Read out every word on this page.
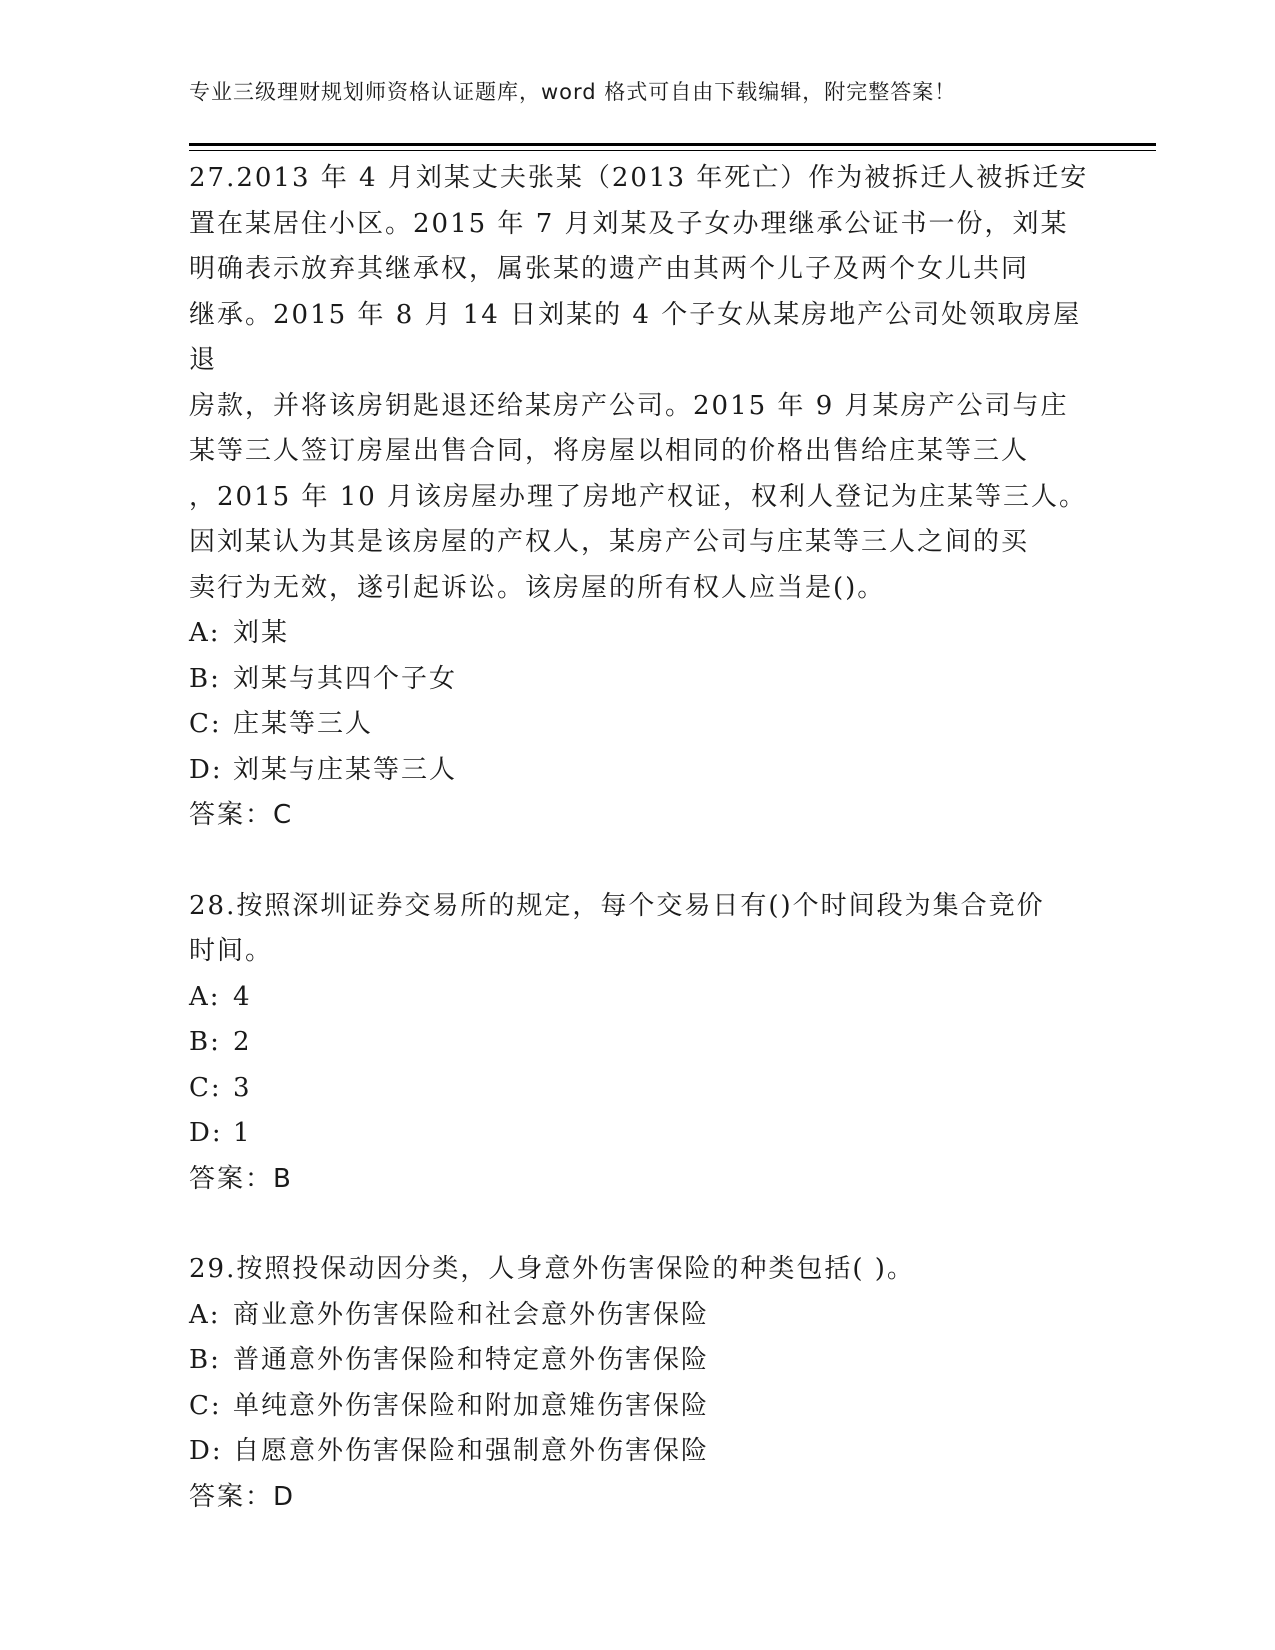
专业三级理财规划师资格认证题库，word 格式可自由下载编辑，附完整答案！

27.2013 年 4 月刘某丈夫张某（2013 年死亡）作为被拆迁人被拆迁安

置在某居住小区。2015 年 7 月刘某及子女办理继承公证书一份，刘某

明确表示放弃其继承权，属张某的遗产由其两个儿子及两个女儿共同

继承。2015 年 8 月 14 日刘某的 4 个子女从某房地产公司处领取房屋退

房款，并将该房钥匙退还给某房产公司。2015 年 9 月某房产公司与庄

某等三人签订房屋出售合同，将房屋以相同的价格出售给庄某等三人

，2015 年 10 月该房屋办理了房地产权证，权利人登记为庄某等三人。

因刘某认为其是该房屋的产权人，某房产公司与庄某等三人之间的买

卖行为无效，遂引起诉讼。该房屋的所有权人应当是()。

A: 刘某

B: 刘某与其四个子女

C: 庄某等三人

D: 刘某与庄某等三人

答案：C

28.按照深圳证券交易所的规定，每个交易日有()个时间段为集合竞价

时间。

A: 4

B: 2

C: 3

D: 1

答案：B

29.按照投保动因分类，人身意外伤害保险的种类包括( )。

A: 商业意外伤害保险和社会意外伤害保险

B: 普通意外伤害保险和特定意外伤害保险

C: 单纯意外伤害保险和附加意雉伤害保险

D: 自愿意外伤害保险和强制意外伤害保险

答案：D
